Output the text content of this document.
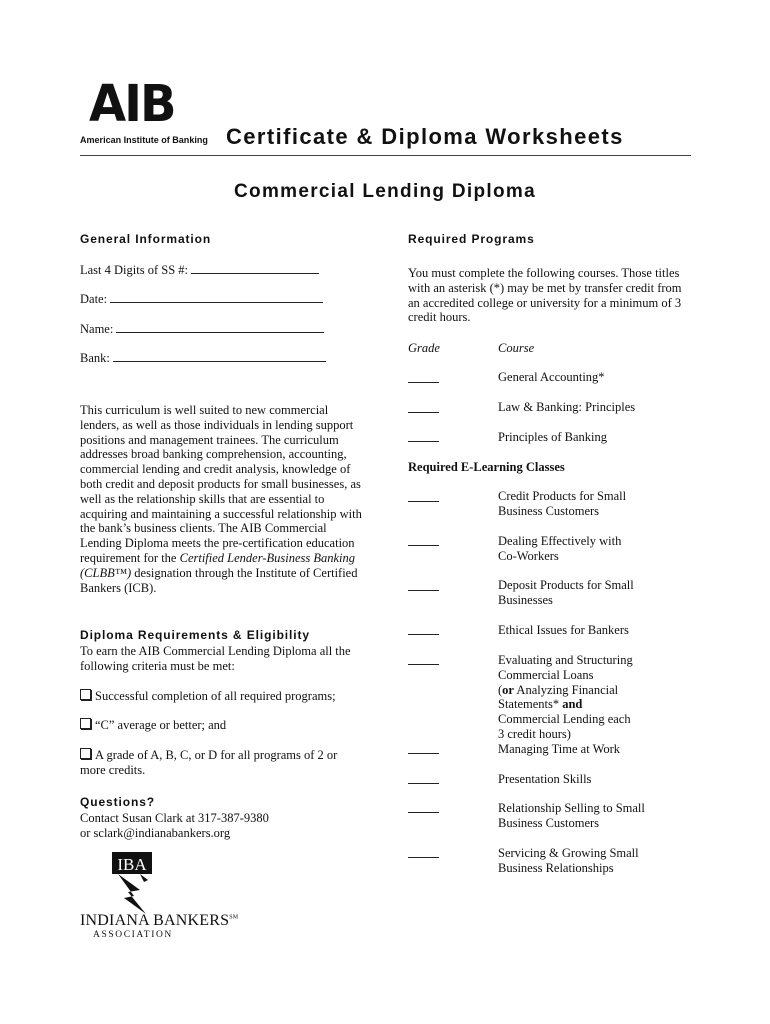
AIB
American Institute of Banking Certificate & Diploma Worksheets
Commercial Lending Diploma
General Information
Last 4 Digits of SS #:
Date:
Name:
Bank:
This curriculum is well suited to new commercial lenders, as well as those individuals in lending support positions and management trainees. The curriculum addresses broad banking comprehension, accounting, commercial lending and credit analysis, knowledge of both credit and deposit products for small businesses, as well as the relationship skills that are essential to acquiring and maintaining a successful relationship with the bank’s business clients. The AIB Commercial Lending Diploma meets the pre-certification education requirement for the Certified Lender-Business Banking (CLBB™) designation through the Institute of Certified Bankers (ICB).
Diploma Requirements & Eligibility
To earn the AIB Commercial Lending Diploma all the following criteria must be met:
Successful completion of all required programs;
“C” average or better; and
A grade of A, B, C, or D for all programs of 2 or more credits.
Questions?
Contact Susan Clark at 317-387-9380
or sclark@indianabankers.org
IBA
INDIANA BANKERS℠
ASSOCIATION
Required Programs
You must complete the following courses. Those titles with an asterisk (*) may be met by transfer credit from an accredited college or university for a minimum of 3 credit hours.
Grade	Course
General Accounting*
Law & Banking: Principles
Principles of Banking
Required E-Learning Classes
Credit Products for Small Business Customers
Dealing Effectively with Co-Workers
Deposit Products for Small Businesses
Ethical Issues for Bankers
Evaluating and Structuring Commercial Loans
(or Analyzing Financial Statements* and Commercial Lending each 3 credit hours)
Managing Time at Work
Presentation Skills
Relationship Selling to Small Business Customers
Servicing & Growing Small Business Relationships
